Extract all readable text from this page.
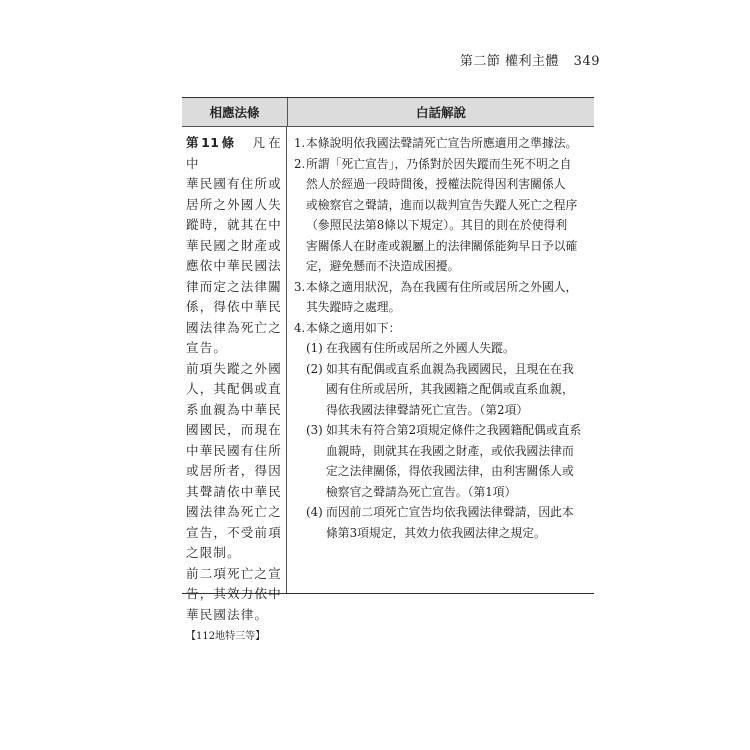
第二節 權利主體 349
相應法條	白話解說
第11條　 凡在中
華民國有住所或
居所之外國人失
蹤時，就其在中
華民國之財產或
應依中華民國法
律而定之法律關
係，得依中華民
國法律為死亡之
宣告。
前項失蹤之外國
人，其配偶或直
系血親為中華民
國國民，而現在
中華民國有住所
或居所者，得因
其聲請依中華民
國法律為死亡之
宣告，不受前項
之限制。
前二項死亡之宣
告，其效力依中
華民國法律。
【112地特三等】
1. 本條說明依我國法聲請死亡宣告所應適用之準據法。
2. 所謂「死亡宣告」，乃係對於因失蹤而生死不明之自
然人於經過一段時間後，授權法院得因利害關係人
或檢察官之聲請，進而以裁判宣告失蹤人死亡之程序
（參照民法第8條以下規定）。其目的則在於使得利
害關係人在財產或親屬上的法律關係能夠早日予以確
定，避免懸而不決造成困擾。
3. 本條之適用狀況，為在我國有住所或居所之外國人，
其失蹤時之處理。
4. 本條之適用如下：
(1) 在我國有住所或居所之外國人失蹤。
(2) 如其有配偶或直系血親為我國國民，且現在在我
國有住所或居所，其我國籍之配偶或直系血親，
得依我國法律聲請死亡宣告。（第2項）
(3) 如其未有符合第2項規定條件之我國籍配偶或直系
血親時，則就其在我國之財產，或依我國法律而
定之法律關係，得依我國法律，由利害關係人或
檢察官之聲請為死亡宣告。（第1項）
(4) 而因前二項死亡宣告均依我國法律聲請，因此本
條第3項規定，其效力依我國法律之規定。
